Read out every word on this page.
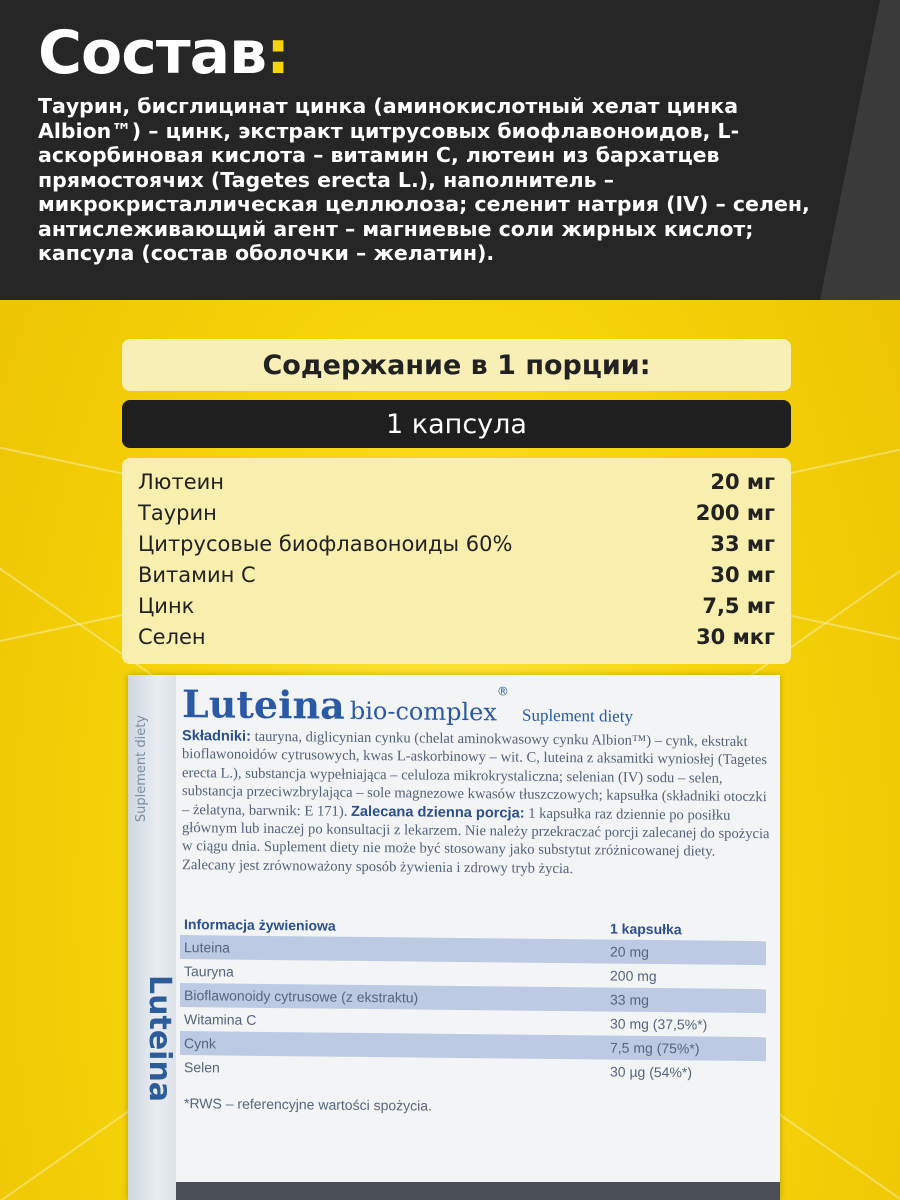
Состав:
Таурин, бисглицинат цинка (аминокислотный хелат цинка Albion™) – цинк, экстракт цитрусовых биофлавоноидов, L-аскорбиновая кислота – витамин C, лютеин из бархатцев прямостоячих (Tagetes erecta L.), наполнитель – микрокристаллическая целлюлоза; селенит натрия (IV) – селен, антислеживающий агент – магниевые соли жирных кислот; капсула (состав оболочки – желатин).
Содержание в 1 порции:
1 капсула
Лютеин	20 мг
Таурин	200 мг
Цитрусовые биофлавоноиды 60%	33 мг
Витамин C	30 мг
Цинк	7,5 мг
Селен	30 мкг
Suplement diety
Luteina
Luteina bio-complex® Suplement diety
Składniki: tauryna, diglicynian cynku (chelat aminokwasowy cynku Albion™) – cynk, ekstrakt bioflawonoidów cytrusowych, kwas L-askorbinowy – wit. C, luteina z aksamitki wyniosłej (Tagetes erecta L.), substancja wypełniająca – celuloza mikrokrystaliczna; selenian (IV) sodu – selen, substancja przeciwzbrylająca – sole magnezowe kwasów tłuszczowych; kapsułka (składniki otoczki – żelatyna, barwnik: E 171). Zalecana dzienna porcja: 1 kapsułka raz dziennie po posiłku głównym lub inaczej po konsultacji z lekarzem. Nie należy przekraczać porcji zalecanej do spożycia w ciągu dnia. Suplement diety nie może być stosowany jako substytut zróżnicowanej diety. Zalecany jest zrównoważony sposób żywienia i zdrowy tryb życia.
Informacja żywieniowa	1 kapsułka
Luteina	20 mg
Tauryna	200 mg
Bioflawonoidy cytrusowe (z ekstraktu)	33 mg
Witamina C	30 mg (37,5%*)
Cynk	7,5 mg (75%*)
Selen	30 µg (54%*)
*RWS – referencyjne wartości spożycia.
